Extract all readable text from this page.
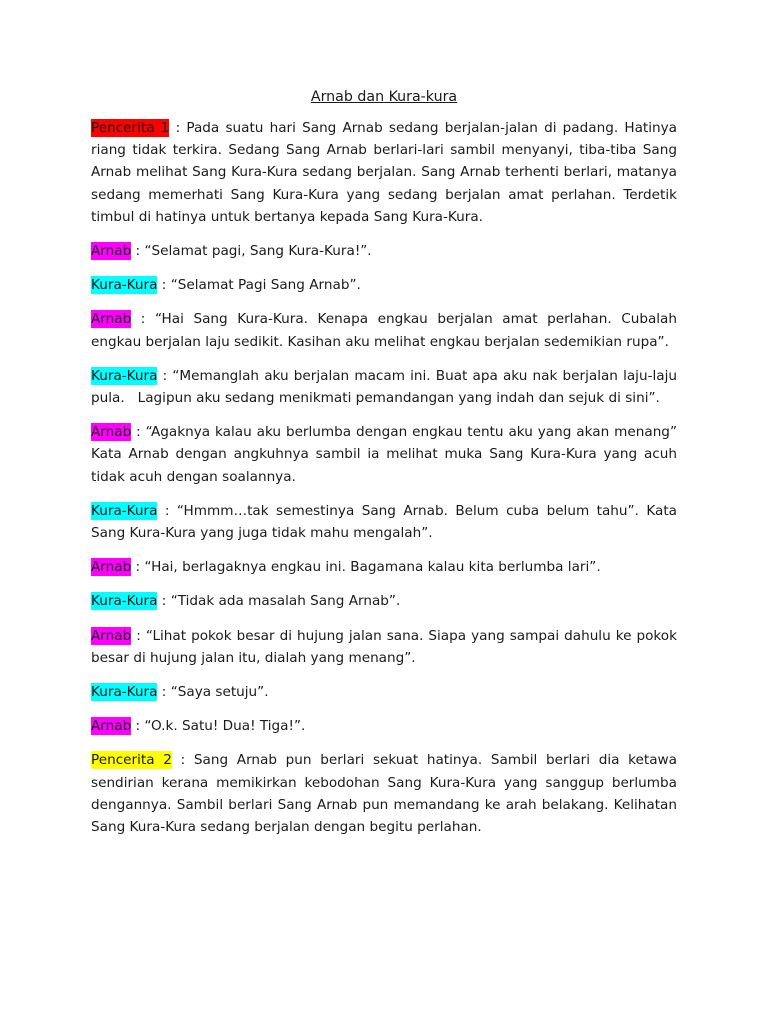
Arnab dan Kura-kura

Pencerita 1 : Pada suatu hari Sang Arnab sedang berjalan-jalan di padang. Hatinya riang tidak terkira. Sedang Sang Arnab berlari-lari sambil menyanyi, tiba-tiba Sang Arnab melihat Sang Kura-Kura sedang berjalan. Sang Arnab terhenti berlari, matanya sedang memerhati Sang Kura-Kura yang sedang berjalan amat perlahan. Terdetik timbul di hatinya untuk bertanya kepada Sang Kura-Kura.

Arnab : “Selamat pagi, Sang Kura-Kura!”.

Kura-Kura : “Selamat Pagi Sang Arnab”.

Arnab : “Hai Sang Kura-Kura. Kenapa engkau berjalan amat perlahan. Cubalah engkau berjalan laju sedikit. Kasihan aku melihat engkau berjalan sedemikian rupa”.

Kura-Kura : “Memanglah aku berjalan macam ini. Buat apa aku nak berjalan laju-laju pula.   Lagipun aku sedang menikmati pemandangan yang indah dan sejuk di sini”.

Arnab : “Agaknya kalau aku berlumba dengan engkau tentu aku yang akan menang” Kata Arnab dengan angkuhnya sambil ia melihat muka Sang Kura-Kura yang acuh tidak acuh dengan soalannya.

Kura-Kura : “Hmmm…tak semestinya Sang Arnab. Belum cuba belum tahu”. Kata Sang Kura-Kura yang juga tidak mahu mengalah”.

Arnab : “Hai, berlagaknya engkau ini. Bagamana kalau kita berlumba lari”.

Kura-Kura : “Tidak ada masalah Sang Arnab”.

Arnab : “Lihat pokok besar di hujung jalan sana. Siapa yang sampai dahulu ke pokok besar di hujung jalan itu, dialah yang menang”.

Kura-Kura : “Saya setuju”.

Arnab : “O.k. Satu! Dua! Tiga!”.

Pencerita 2 : Sang Arnab pun berlari sekuat hatinya. Sambil berlari dia ketawa sendirian kerana memikirkan kebodohan Sang Kura-Kura yang sanggup berlumba dengannya. Sambil berlari Sang Arnab pun memandang ke arah belakang. Kelihatan Sang Kura-Kura sedang berjalan dengan begitu perlahan.
